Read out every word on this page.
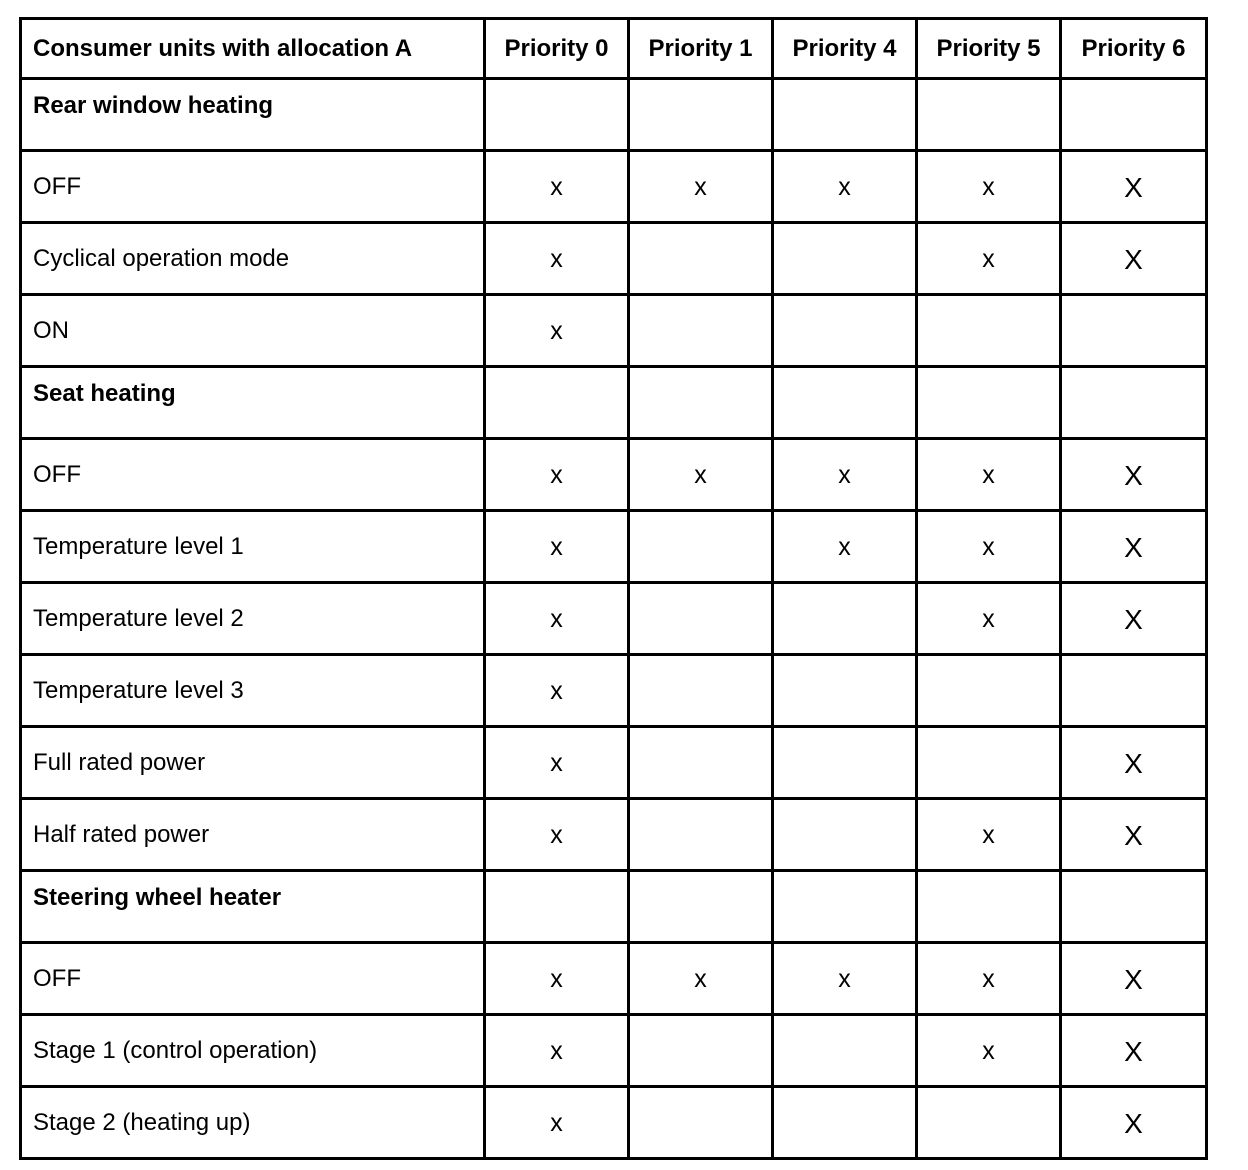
Consumer units with allocation A	Priority 0	Priority 1	Priority 4	Priority 5	Priority 6
Rear window heating					
OFF	x	x	x	x	X
Cyclical operation mode	x			x	X
ON	x				
Seat heating					
OFF	x	x	x	x	X
Temperature level 1	x		x	x	X
Temperature level 2	x			x	X
Temperature level 3	x				
Full rated power	x				X
Half rated power	x			x	X
Steering wheel heater					
OFF	x	x	x	x	X
Stage 1 (control operation)	x			x	X
Stage 2 (heating up)	x				X
